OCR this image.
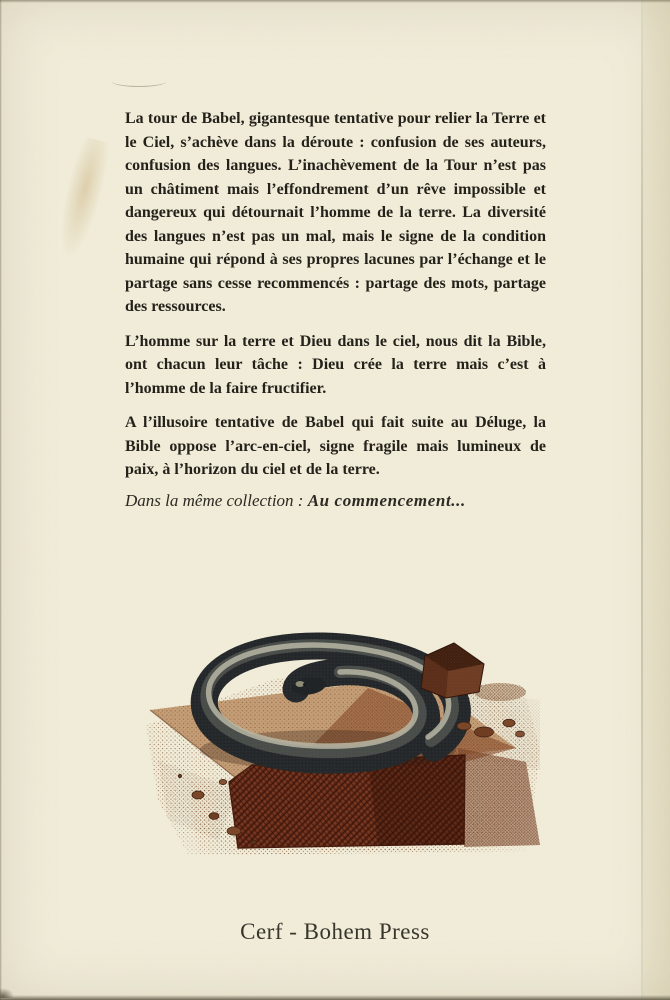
La tour de Babel, gigantesque tentative pour relier la Terre et le Ciel, s’achève dans la déroute : confusion de ses auteurs, confusion des langues. L’inachèvement de la Tour n’est pas un châtiment mais l’effondrement d’un rêve impossible et dangereux qui détournait l’homme de la terre. La diversité des langues n’est pas un mal, mais le signe de la condition humaine qui répond à ses propres lacunes par l’échange et le partage sans cesse recommencés : partage des mots, partage des ressources.

L’homme sur la terre et Dieu dans le ciel, nous dit la Bible, ont chacun leur tâche : Dieu crée la terre mais c’est à l’homme de la faire fructifier.

A l’illusoire tentative de Babel qui fait suite au Déluge, la Bible oppose l’arc-en-ciel, signe fragile mais lumineux de paix, à l’horizon du ciel et de la terre.

Dans la même collection : Au commencement...
Cerf - Bohem Press
